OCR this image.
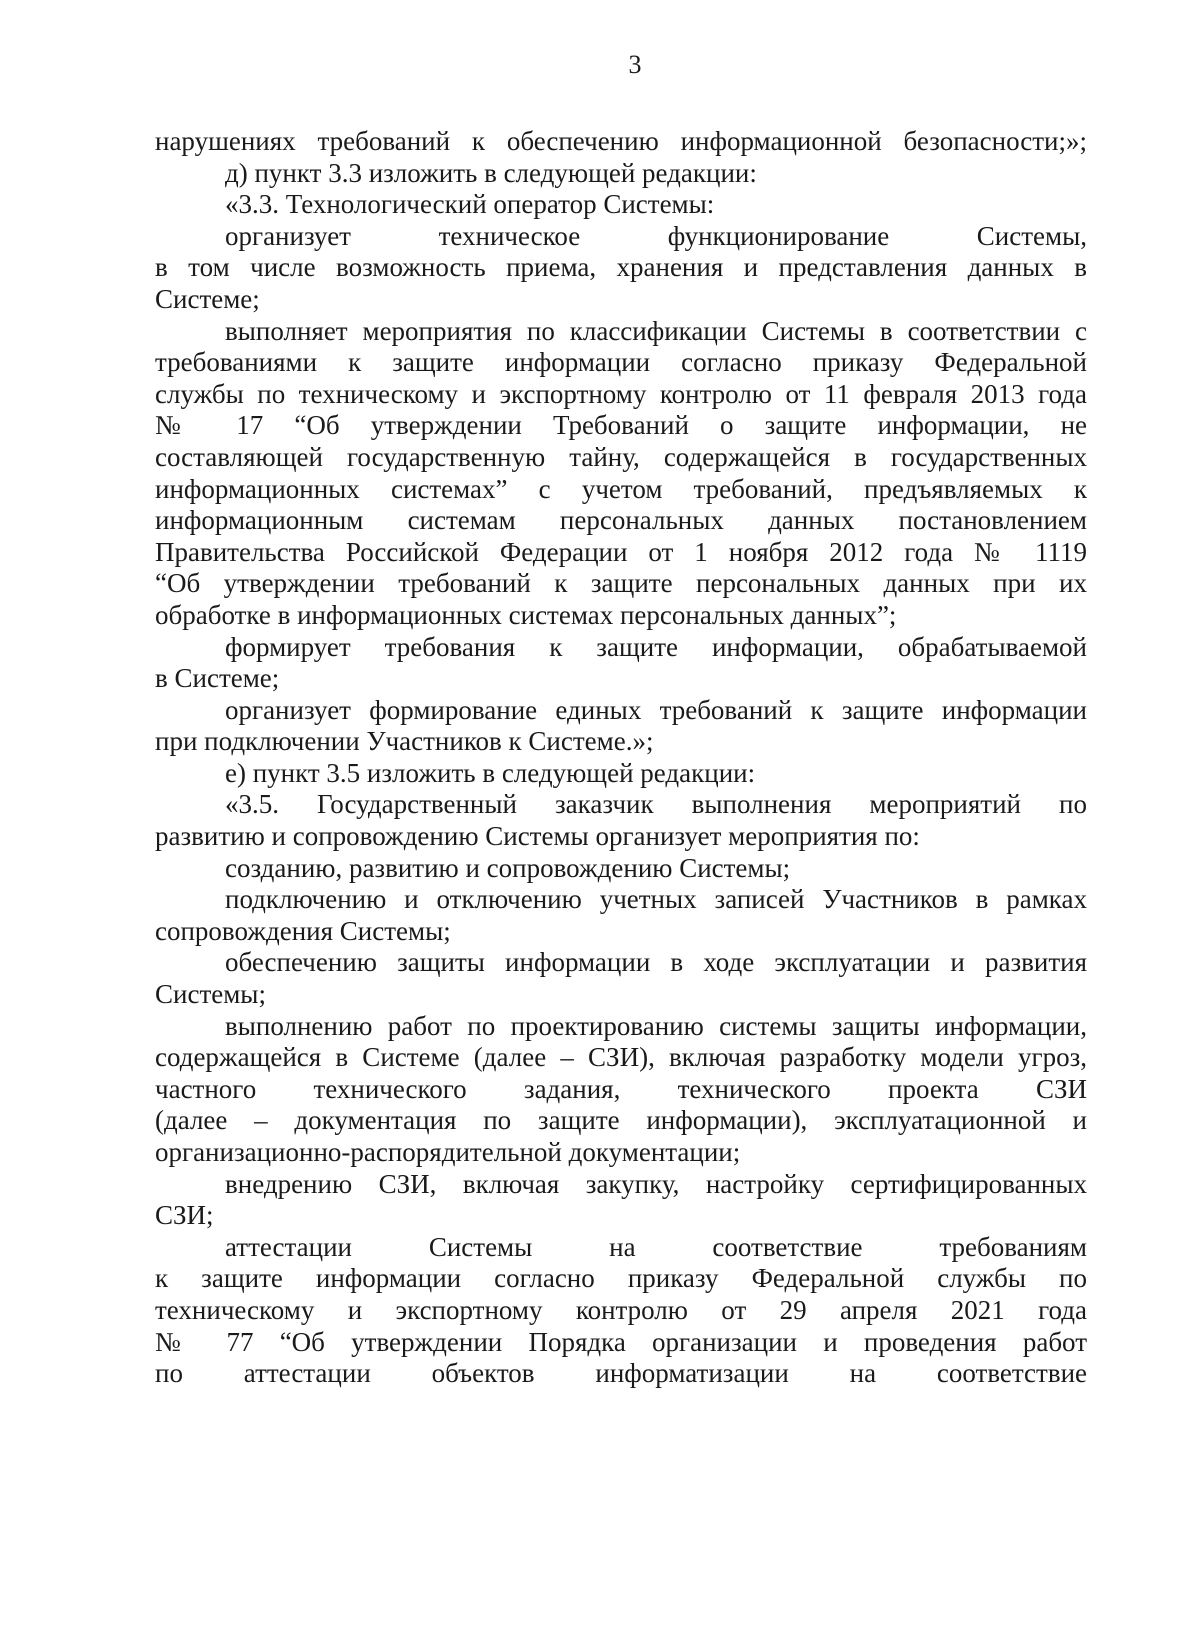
3
нарушениях требований к обеспечению информационной безопасности;»;
д) пункт 3.3 изложить в следующей редакции:
«3.3. Технологический оператор Системы:
организует техническое функционирование Системы,
в том числе возможность приема, хранения и представления данных в
Системе;
выполняет мероприятия по классификации Системы в соответствии с
требованиями к защите информации согласно приказу Федеральной
службы по техническому и экспортному контролю от 11 февраля 2013 года
№ 17 “Об утверждении Требований о защите информации, не
составляющей государственную тайну, содержащейся в государственных
информационных системах” с учетом требований, предъявляемых к
информационным системам персональных данных постановлением
Правительства Российской Федерации от 1 ноября 2012 года № 1119
“Об утверждении требований к защите персональных данных при их
обработке в информационных системах персональных данных”;
формирует требования к защите информации, обрабатываемой
в Системе;
организует формирование единых требований к защите информации
при подключении Участников к Системе.»;
е) пункт 3.5 изложить в следующей редакции:
«3.5. Государственный заказчик выполнения мероприятий по
развитию и сопровождению Системы организует мероприятия по:
созданию, развитию и сопровождению Системы;
подключению и отключению учетных записей Участников в рамках
сопровождения Системы;
обеспечению защиты информации в ходе эксплуатации и развития
Системы;
выполнению работ по проектированию системы защиты информации,
содержащейся в Системе (далее – СЗИ), включая разработку модели угроз,
частного технического задания, технического проекта СЗИ
(далее – документация по защите информации), эксплуатационной и
организационно-распорядительной документации;
внедрению СЗИ, включая закупку, настройку сертифицированных
СЗИ;
аттестации Системы на соответствие требованиям
к защите информации согласно приказу Федеральной службы по
техническому и экспортному контролю от 29 апреля 2021 года
№ 77 “Об утверждении Порядка организации и проведения работ
по аттестации объектов информатизации на соответствие
